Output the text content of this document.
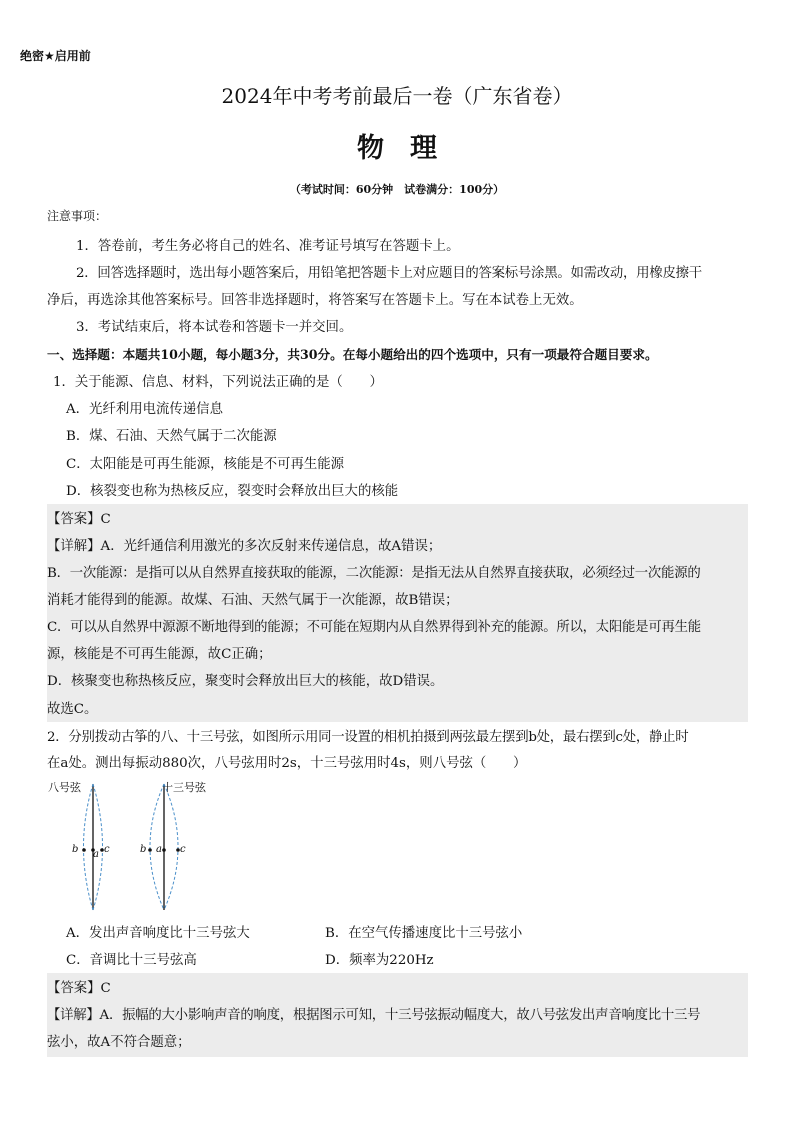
绝密★启用前
2024年中考考前最后一卷（广东省卷）
物理
（考试时间：60分钟　试卷满分：100分）
注意事项：
1．答卷前，考生务必将自己的姓名、准考证号填写在答题卡上。
2．回答选择题时，选出每小题答案后，用铅笔把答题卡上对应题目的答案标号涂黑。如需改动，用橡皮擦干
净后，再选涂其他答案标号。回答非选择题时，将答案写在答题卡上。写在本试卷上无效。
3．考试结束后，将本试卷和答题卡一并交回。
一、选择题：本题共10小题，每小题3分，共30分。在每小题给出的四个选项中，只有一项最符合题目要求。
1．关于能源、信息、材料，下列说法正确的是（　　）
A．光纤利用电流传递信息
B．煤、石油、天然气属于二次能源
C．太阳能是可再生能源，核能是不可再生能源
D．核裂变也称为热核反应，裂变时会释放出巨大的核能
【答案】C
【详解】A．光纤通信利用激光的多次反射来传递信息，故A错误；
B．一次能源：是指可以从自然界直接获取的能源，二次能源：是指无法从自然界直接获取，必须经过一次能源的
消耗才能得到的能源。故煤、石油、天然气属于一次能源，故B错误；
C．可以从自然界中源源不断地得到的能源；不可能在短期内从自然界得到补充的能源。所以，太阳能是可再生能
源，核能是不可再生能源，故C正确；
D．核聚变也称热核反应，聚变时会释放出巨大的核能，故D错误。
故选C。
2．分别拨动古筝的八、十三号弦，如图所示用同一设置的相机拍摄到两弦最左摆到b处，最右摆到c处，静止时
在a处。测出每振动880次，八号弦用时2s，十三号弦用时4s，则八号弦（　　）
八号弦	十三号弦
b a c	b a c
A．发出声音响度比十三号弦大	B．在空气传播速度比十三号弦小
C．音调比十三号弦高	D．频率为220Hz
【答案】C
【详解】A．振幅的大小影响声音的响度，根据图示可知，十三号弦振动幅度大，故八号弦发出声音响度比十三号
弦小，故A不符合题意；
